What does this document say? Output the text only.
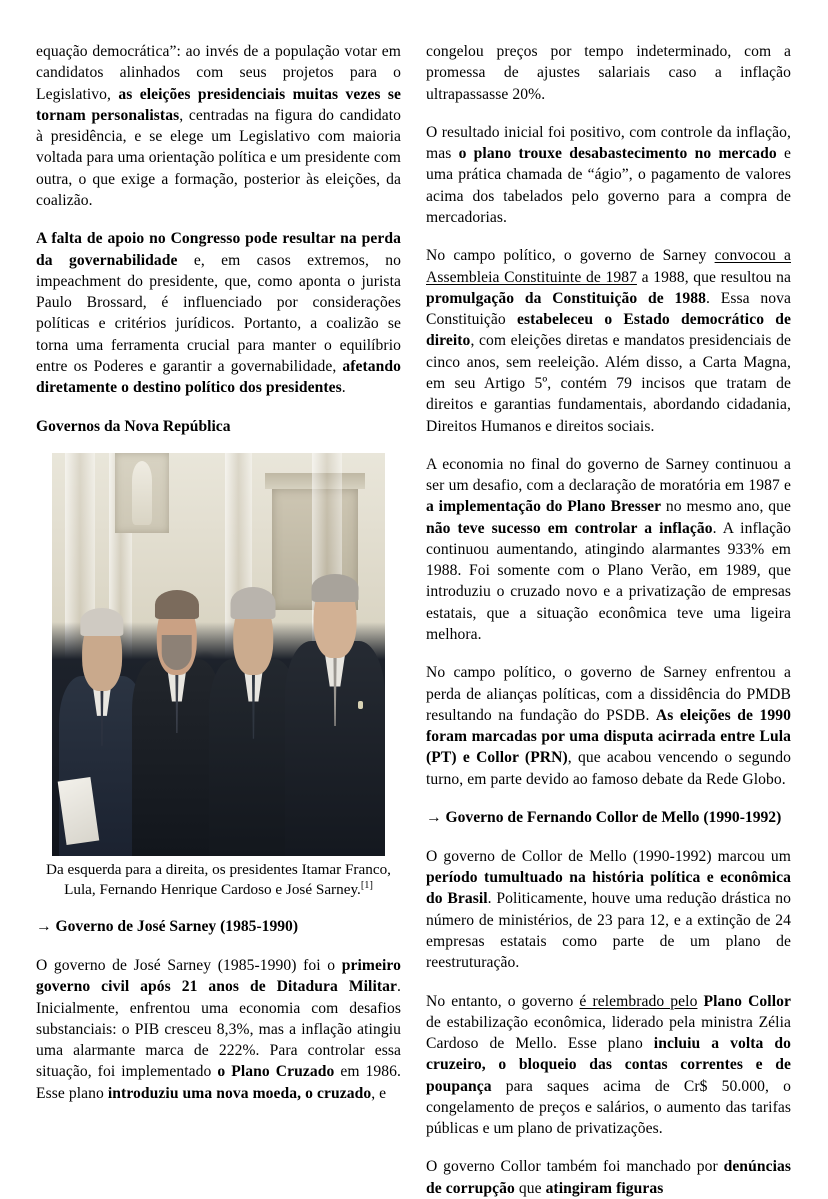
equação democrática”: ao invés de a população votar em candidatos alinhados com seus projetos para o Legislativo, as eleições presidenciais muitas vezes se tornam personalistas, centradas na figura do candidato à presidência, e se elege um Legislativo com maioria voltada para uma orientação política e um presidente com outra, o que exige a formação, posterior às eleições, da coalizão.

A falta de apoio no Congresso pode resultar na perda da governabilidade e, em casos extremos, no impeachment do presidente, que, como aponta o jurista Paulo Brossard, é influenciado por considerações políticas e critérios jurídicos. Portanto, a coalizão se torna uma ferramenta crucial para manter o equilíbrio entre os Poderes e garantir a governabilidade, afetando diretamente o destino político dos presidentes.

Governos da Nova República
Da esquerda para a direita, os presidentes Itamar Franco, Lula, Fernando Henrique Cardoso e José Sarney.[1]
→ Governo de José Sarney (1985-1990)

O governo de José Sarney (1985-1990) foi o primeiro governo civil após 21 anos de Ditadura Militar. Inicialmente, enfrentou uma economia com desafios substanciais: o PIB cresceu 8,3%, mas a inflação atingiu uma alarmante marca de 222%. Para controlar essa situação, foi implementado o Plano Cruzado em 1986. Esse plano introduziu uma nova moeda, o cruzado, e

congelou preços por tempo indeterminado, com a promessa de ajustes salariais caso a inflação ultrapassasse 20%.

O resultado inicial foi positivo, com controle da inflação, mas o plano trouxe desabastecimento no mercado e uma prática chamada de “ágio”, o pagamento de valores acima dos tabelados pelo governo para a compra de mercadorias.

No campo político, o governo de Sarney convocou a Assembleia Constituinte de 1987 a 1988, que resultou na promulgação da Constituição de 1988. Essa nova Constituição estabeleceu o Estado democrático de direito, com eleições diretas e mandatos presidenciais de cinco anos, sem reeleição. Além disso, a Carta Magna, em seu Artigo 5º, contém 79 incisos que tratam de direitos e garantias fundamentais, abordando cidadania, Direitos Humanos e direitos sociais.

A economia no final do governo de Sarney continuou a ser um desafio, com a declaração de moratória em 1987 e a implementação do Plano Bresser no mesmo ano, que não teve sucesso em controlar a inflação. A inflação continuou aumentando, atingindo alarmantes 933% em 1988. Foi somente com o Plano Verão, em 1989, que introduziu o cruzado novo e a privatização de empresas estatais, que a situação econômica teve uma ligeira melhora.

No campo político, o governo de Sarney enfrentou a perda de alianças políticas, com a dissidência do PMDB resultando na fundação do PSDB. As eleições de 1990 foram marcadas por uma disputa acirrada entre Lula (PT) e Collor (PRN), que acabou vencendo o segundo turno, em parte devido ao famoso debate da Rede Globo.

→ Governo de Fernando Collor de Mello (1990-1992)

O governo de Collor de Mello (1990-1992) marcou um período tumultuado na história política e econômica do Brasil. Politicamente, houve uma redução drástica no número de ministérios, de 23 para 12, e a extinção de 24 empresas estatais como parte de um plano de reestruturação.

No entanto, o governo é relembrado pelo Plano Collor de estabilização econômica, liderado pela ministra Zélia Cardoso de Mello. Esse plano incluiu a volta do cruzeiro, o bloqueio das contas correntes e de poupança para saques acima de Cr$ 50.000, o congelamento de preços e salários, o aumento das tarifas públicas e um plano de privatizações.

O governo Collor também foi manchado por denúncias de corrupção que atingiram figuras
